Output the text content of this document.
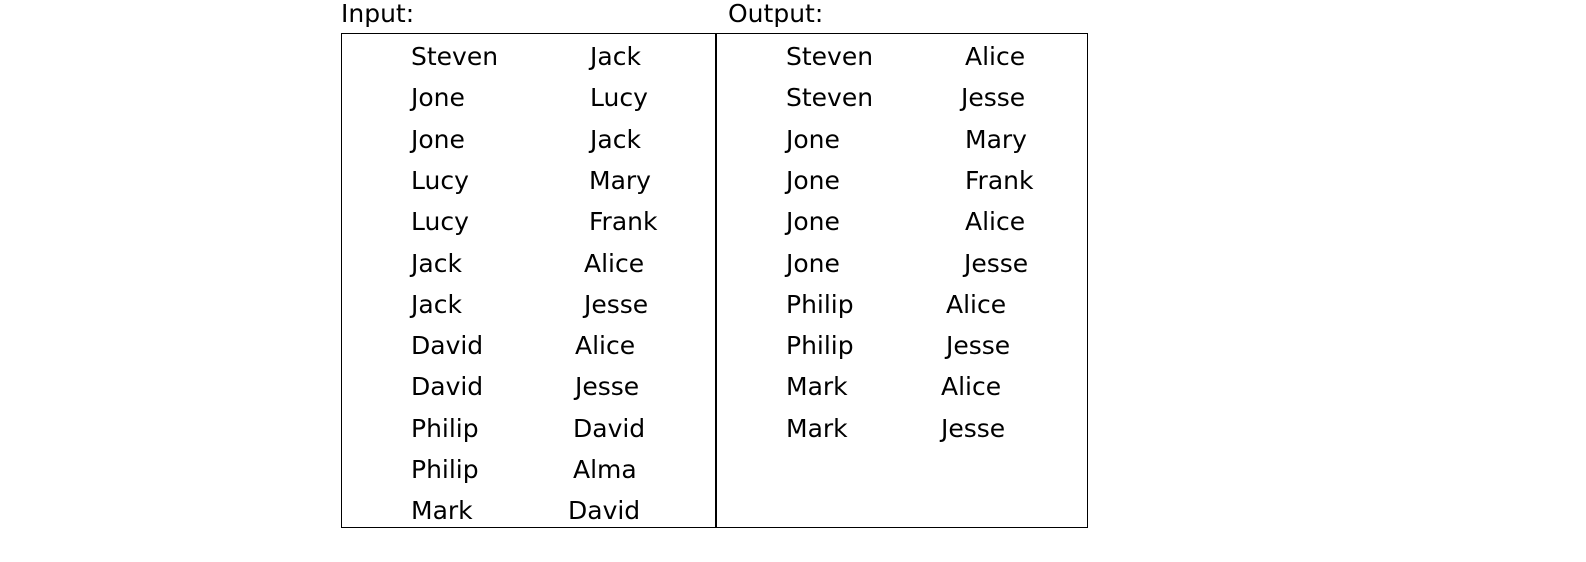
Input:	Output:
Steven	Jack
Jone	Lucy
Jone	Jack
Lucy	Mary
Lucy	Frank
Jack	Alice
Jack	Jesse
David	Alice
David	Jesse
Philip	David
Philip	Alma
Mark	David
Steven	Alice
Steven	Jesse
Jone	Mary
Jone	Frank
Jone	Alice
Jone	Jesse
Philip	Alice
Philip	Jesse
Mark	Alice
Mark	Jesse
